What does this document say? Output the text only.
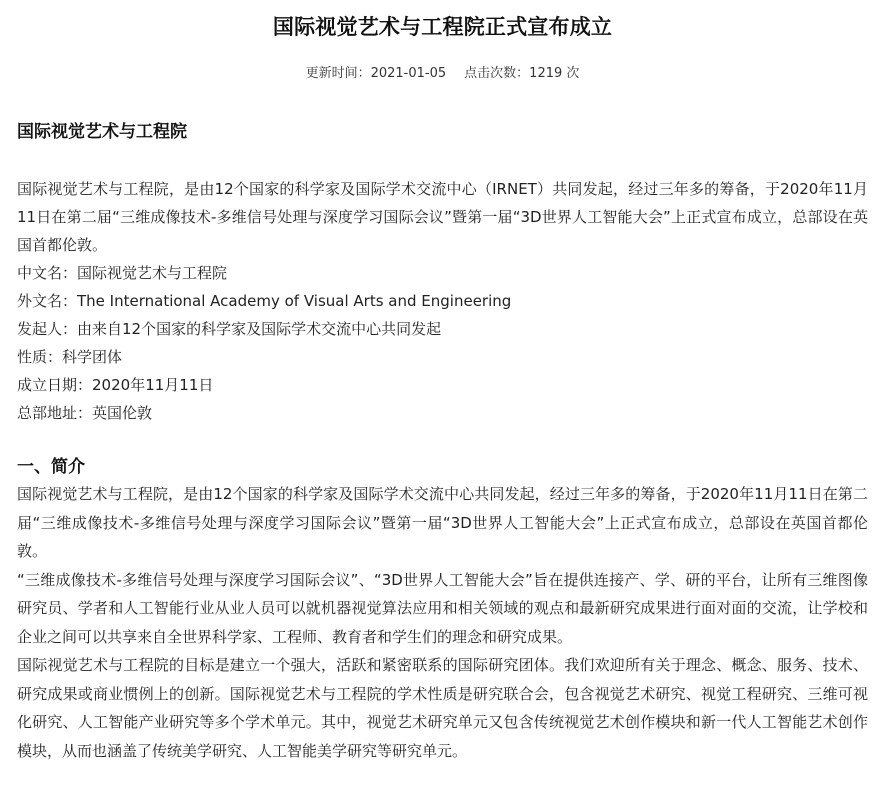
国际视觉艺术与工程院正式宣布成立
更新时间：2021-01-05 点击次数：1219 次
国际视觉艺术与工程院

国际视觉艺术与工程院，是由12个国家的科学家及国际学术交流中心（IRNET）共同发起，经过三年多的筹备，于2020年11月11日在第二届“三维成像技术-多维信号处理与深度学习国际会议”暨第一届“3D世界人工智能大会”上正式宣布成立，总部设在英国首都伦敦。

中文名：国际视觉艺术与工程院
外文名：The International Academy of Visual Arts and Engineering
发起人：由来自12个国家的科学家及国际学术交流中心共同发起
性质：科学团体
成立日期：2020年11月11日
总部地址：英国伦敦
一、简介

国际视觉艺术与工程院，是由12个国家的科学家及国际学术交流中心共同发起，经过三年多的筹备，于2020年11月11日在第二届“三维成像技术-多维信号处理与深度学习国际会议”暨第一届“3D世界人工智能大会”上正式宣布成立，总部设在英国首都伦敦。

“三维成像技术-多维信号处理与深度学习国际会议”、“3D世界人工智能大会”旨在提供连接产、学、研的平台，让所有三维图像研究员、学者和人工智能行业从业人员可以就机器视觉算法应用和相关领域的观点和最新研究成果进行面对面的交流，让学校和企业之间可以共享来自全世界科学家、工程师、教育者和学生们的理念和研究成果。

国际视觉艺术与工程院的目标是建立一个强大，活跃和紧密联系的国际研究团体。我们欢迎所有关于理念、概念、服务、技术、研究成果或商业惯例上的创新。国际视觉艺术与工程院的学术性质是研究联合会，包含视觉艺术研究、视觉工程研究、三维可视化研究、人工智能产业研究等多个学术单元。其中，视觉艺术研究单元又包含传统视觉艺术创作模块和新一代人工智能艺术创作模块，从而也涵盖了传统美学研究、人工智能美学研究等研究单元。
